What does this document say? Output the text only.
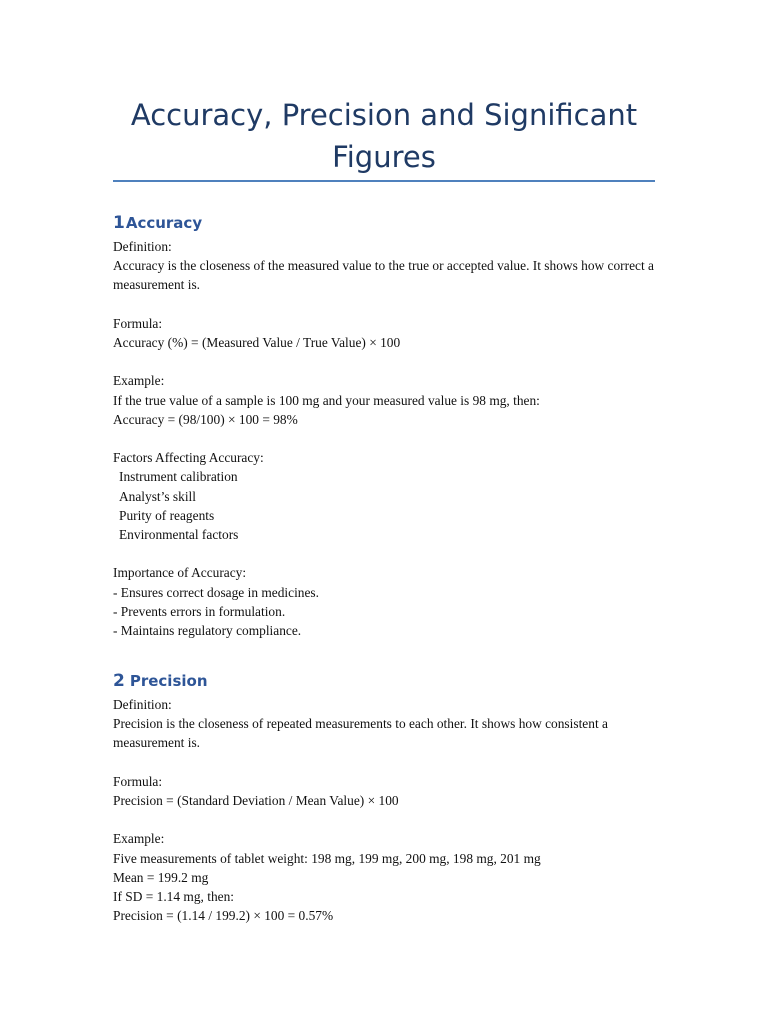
Accuracy, Precision and Significant
Figures
1Accuracy
Definition:
Accuracy is the closeness of the measured value to the true or accepted value. It shows how correct a measurement is.
Formula:
Accuracy (%) = (Measured Value / True Value) × 100
Example:
If the true value of a sample is 100 mg and your measured value is 98 mg, then:
Accuracy = (98/100) × 100 = 98%
Factors Affecting Accuracy:
Instrument calibration
Analyst’s skill
Purity of reagents
Environmental factors
Importance of Accuracy:
- Ensures correct dosage in medicines.
- Prevents errors in formulation.
- Maintains regulatory compliance.
2 Precision
Definition:
Precision is the closeness of repeated measurements to each other. It shows how consistent a measurement is.
Formula:
Precision = (Standard Deviation / Mean Value) × 100
Example:
Five measurements of tablet weight: 198 mg, 199 mg, 200 mg, 198 mg, 201 mg
Mean = 199.2 mg
If SD = 1.14 mg, then:
Precision = (1.14 / 199.2) × 100 = 0.57%
